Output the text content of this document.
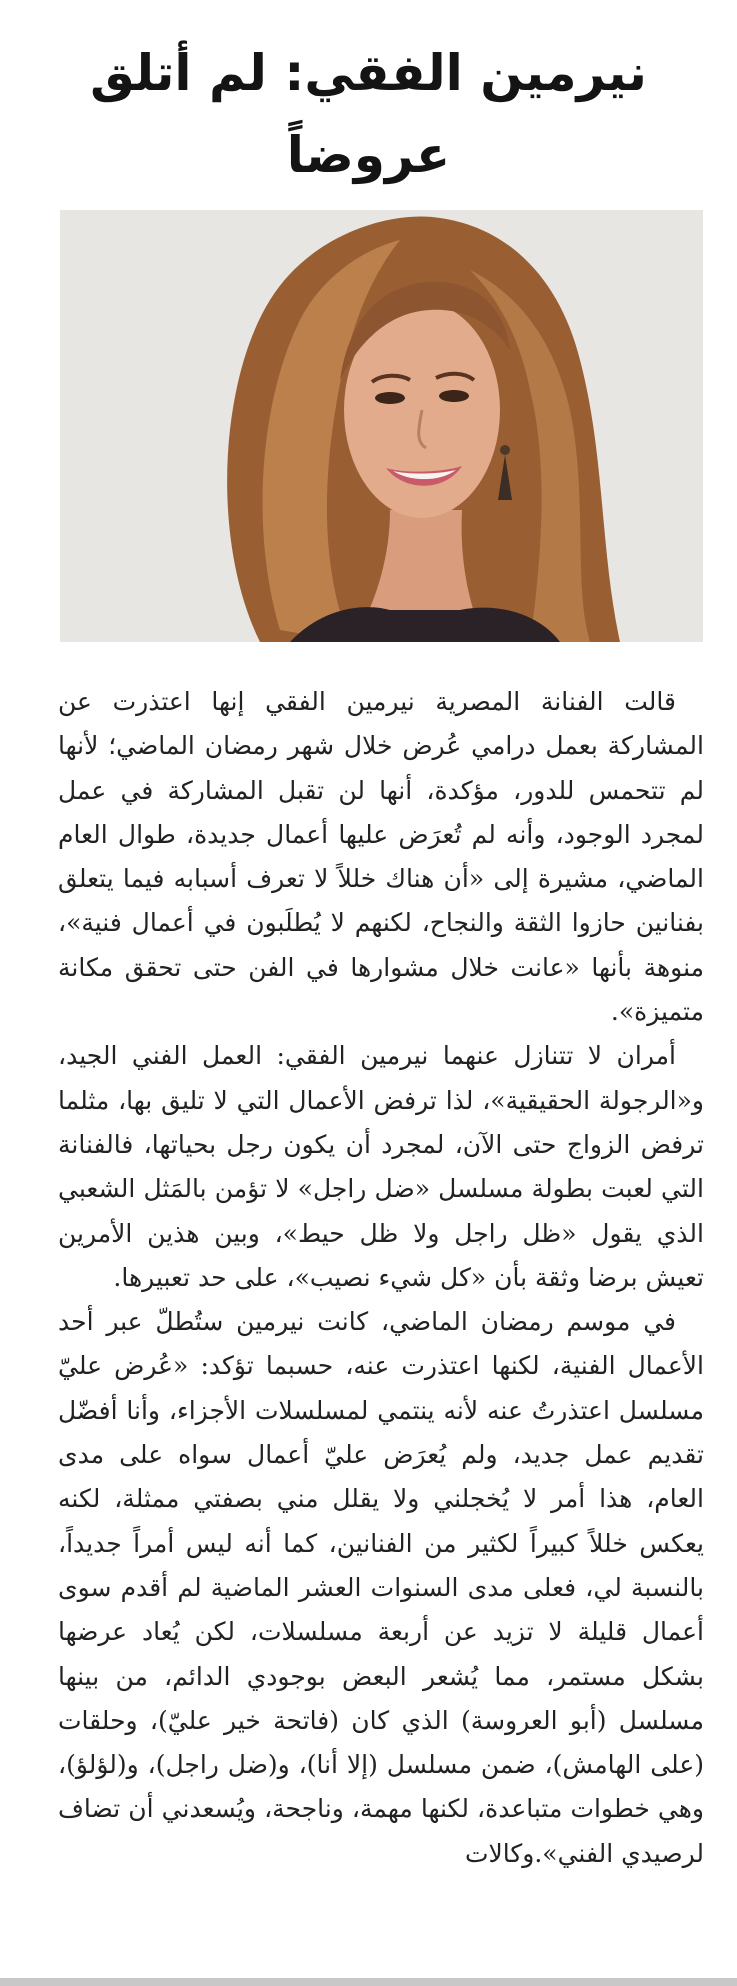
نيرمين الفقي: لم أتلق عروضاً

قالت الفنانة المصرية نيرمين الفقي إنها اعتذرت عن المشاركة بعمل درامي عُرض خلال شهر رمضان الماضي؛ لأنها لم تتحمس للدور، مؤكدة، أنها لن تقبل المشاركة في عمل لمجرد الوجود، وأنه لم تُعرَض عليها أعمال جديدة، طوال العام الماضي، مشيرة إلى «أن هناك خللاً لا تعرف أسبابه فيما يتعلق بفنانين حازوا الثقة والنجاح، لكنهم لا يُطلَبون في أعمال فنية»، منوهة بأنها «عانت خلال مشوارها في الفن حتى تحقق مكانة متميزة».

أمران لا تتنازل عنهما نيرمين الفقي: العمل الفني الجيد، و«الرجولة الحقيقية»، لذا ترفض الأعمال التي لا تليق بها، مثلما ترفض الزواج حتى الآن، لمجرد أن يكون رجل بحياتها، فالفنانة التي لعبت بطولة مسلسل «ضل راجل» لا تؤمن بالمَثل الشعبي الذي يقول «ظل راجل ولا ظل حيط»، وبين هذين الأمرين تعيش برضا وثقة بأن «كل شيء نصيب»، على حد تعبيرها.

في موسم رمضان الماضي، كانت نيرمين ستُطلّ عبر أحد الأعمال الفنية، لكنها اعتذرت عنه، حسبما تؤكد: «عُرض عليّ مسلسل اعتذرتُ عنه لأنه ينتمي لمسلسلات الأجزاء، وأنا أفضّل تقديم عمل جديد، ولم يُعرَض عليّ أعمال سواه على مدى العام، هذا أمر لا يُخجلني ولا يقلل مني بصفتي ممثلة، لكنه يعكس خللاً كبيراً لكثير من الفنانين، كما أنه ليس أمراً جديداً، بالنسبة لي، فعلى مدى السنوات العشر الماضية لم أقدم سوى أعمال قليلة لا تزيد عن أربعة مسلسلات، لكن يُعاد عرضها بشكل مستمر، مما يُشعر البعض بوجودي الدائم، من بينها مسلسل (أبو العروسة) الذي كان (فاتحة خير عليّ)، وحلقات (على الهامش)، ضمن مسلسل (إلا أنا)، و(ضل راجل)، و(لؤلؤ)، وهي خطوات متباعدة، لكنها مهمة، وناجحة، ويُسعدني أن تضاف لرصيدي الفني».وكالات
